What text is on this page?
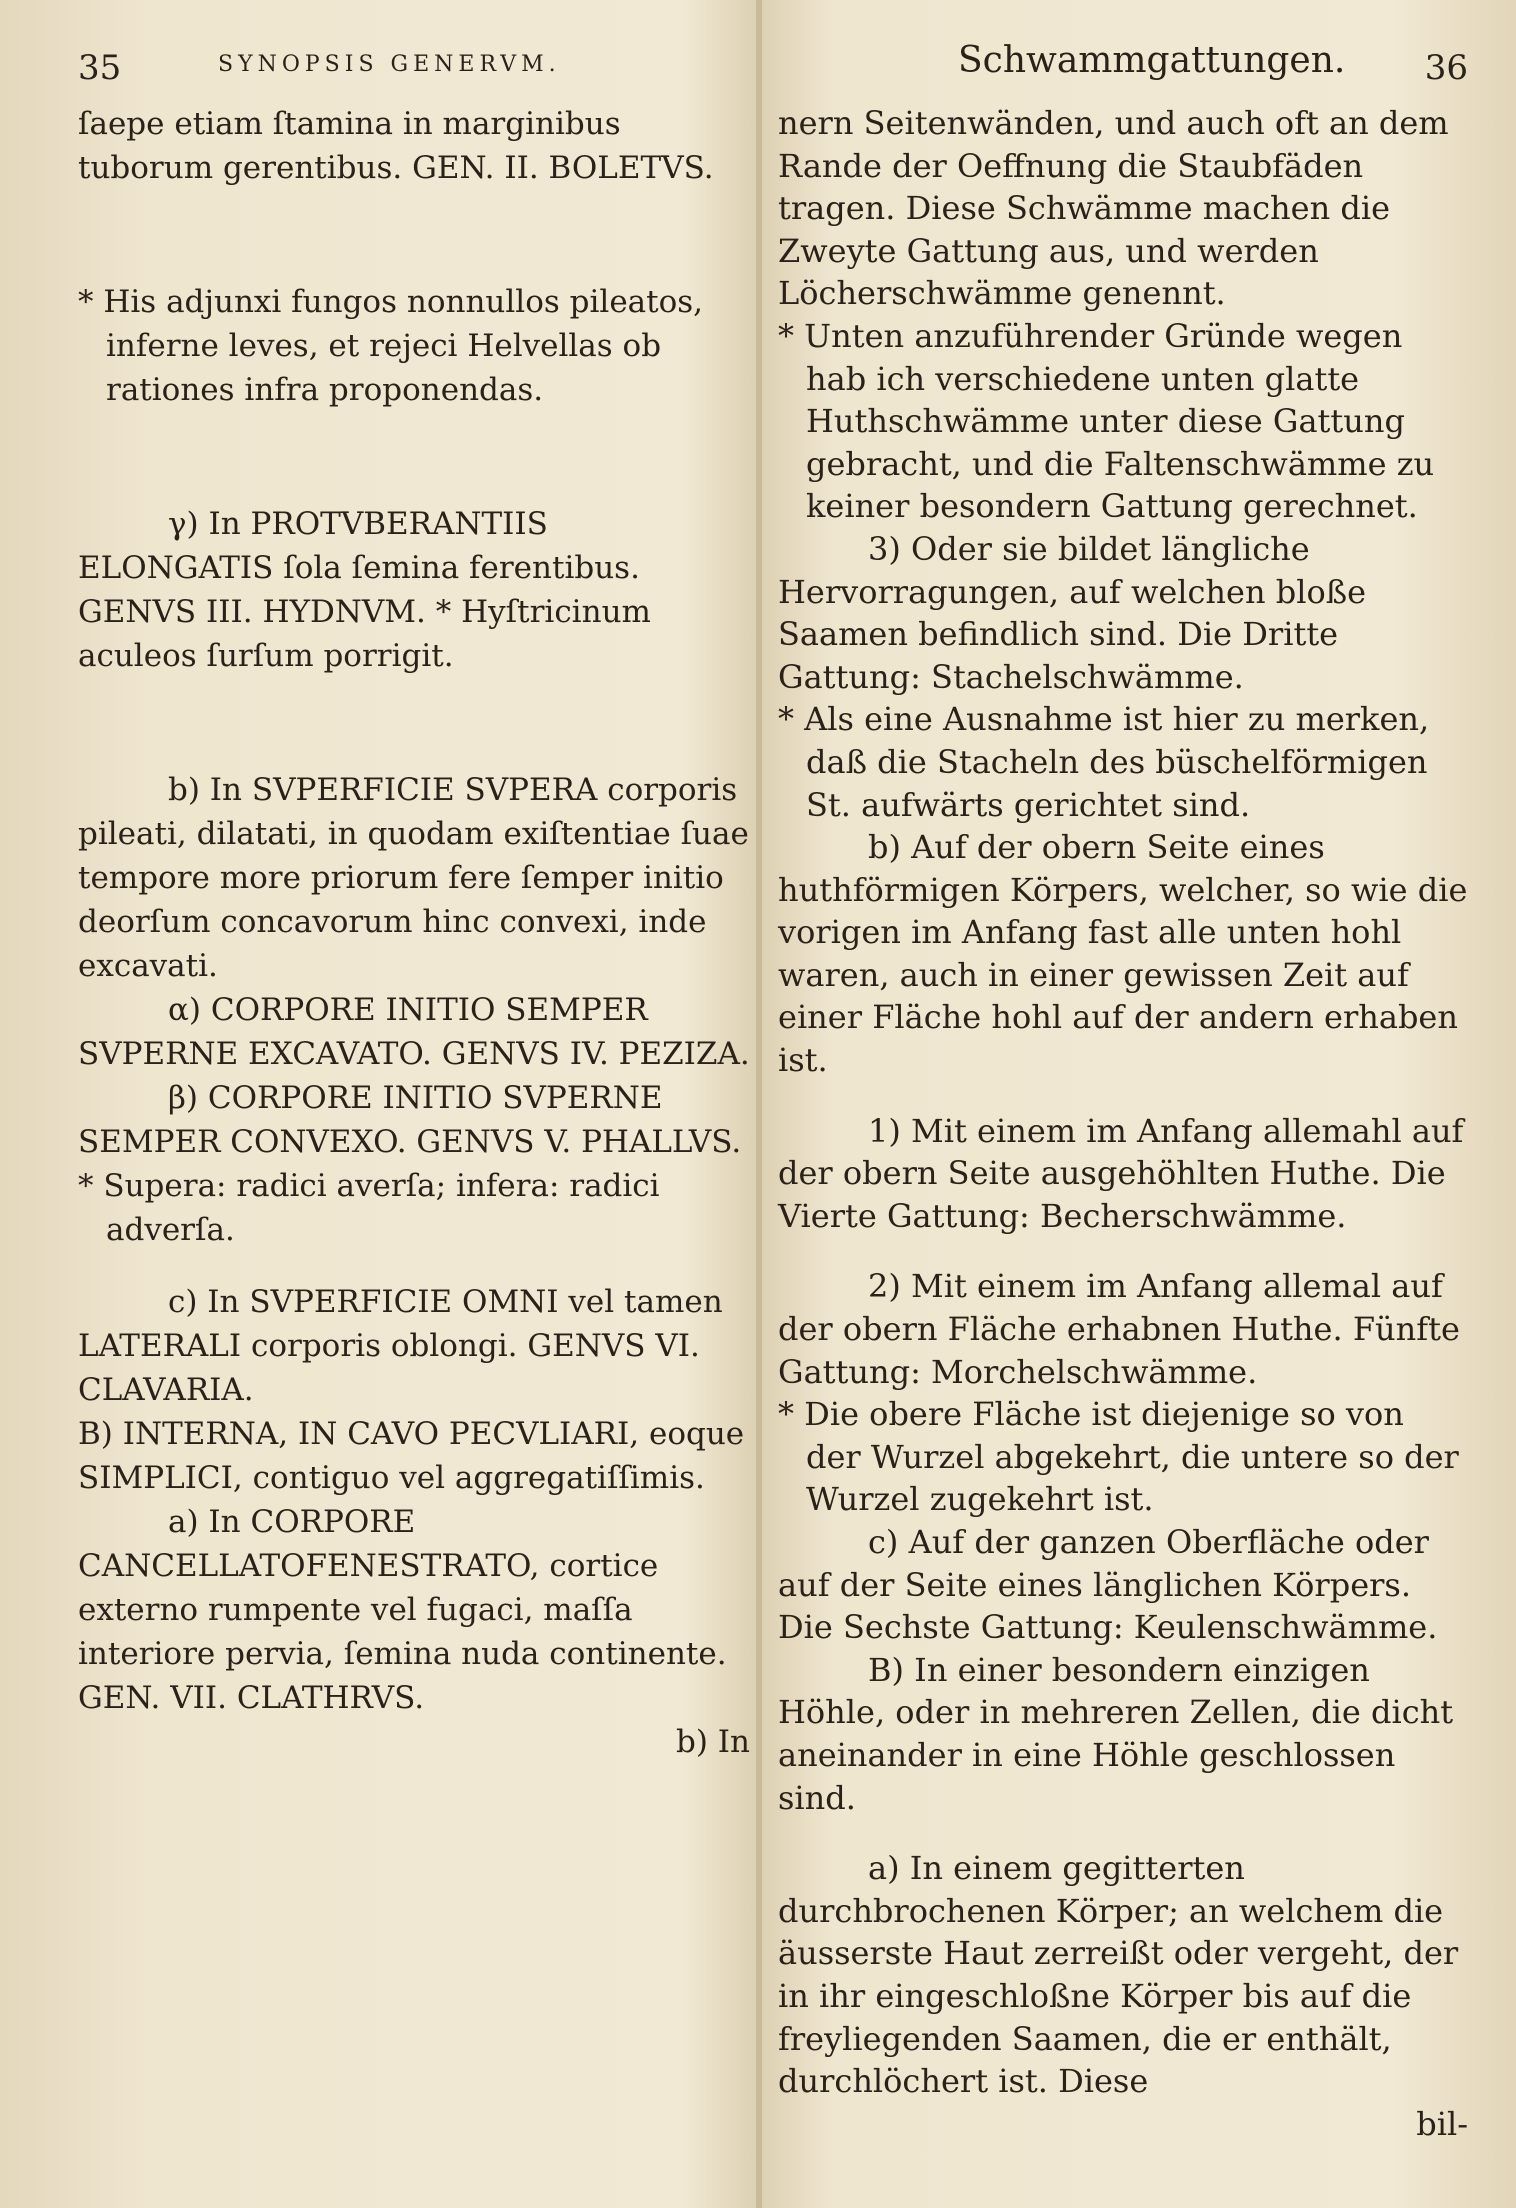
35	SYNOPSIS GENERVM.

ſaepe etiam ſtamina in marginibus tuborum gerentibus. GEN. II. BOLETVS.

* His adjunxi fungos nonnullos pileatos, inferne leves, et rejeci Helvellas ob rationes infra proponendas.

γ) In PROTVBERANTIIS ELONGATIS ſola ſemina ferentibus. GENVS III. HYDNVM. * Hyſtricinum aculeos ſurſum porrigit.

b) In SVPERFICIE SVPERA corporis pileati, dilatati, in quodam exiſtentiae ſuae tempore more priorum fere ſemper initio deorſum concavorum hinc convexi, inde excavati.

α) CORPORE INITIO SEMPER SVPERNE EXCAVATO. GENVS IV. PEZIZA.

β) CORPORE INITIO SVPERNE SEMPER CONVEXO. GENVS V. PHALLVS.

* Supera: radici averſa; infera: radici adverſa.

c) In SVPERFICIE OMNI vel tamen LATERALI corporis oblongi. GENVS VI. CLAVARIA.

B) INTERNA, IN CAVO PECVLIARI, eoque SIMPLICI, contiguo vel aggregatiſſimis.

a) In CORPORE CANCELLATOFENESTRATO, cortice externo rumpente vel fugaci, maſſa interiore pervia, ſemina nuda continente. GEN. VII. CLATHRVS.

b) In

Schwammgattungen. 36

nern Seitenwänden, und auch oft an dem Rande der Oeffnung die Staubfäden tragen. Diese Schwämme machen die Zweyte Gattung aus, und werden Löcherschwämme genennt.

* Unten anzuführender Gründe wegen hab ich verschiedene unten glatte Huthschwämme unter diese Gattung gebracht, und die Faltenschwämme zu keiner besondern Gattung gerechnet.

3) Oder sie bildet längliche Hervorragungen, auf welchen bloße Saamen befindlich sind. Die Dritte Gattung: Stachelschwämme.

* Als eine Ausnahme ist hier zu merken, daß die Stacheln des büschelförmigen St. aufwärts gerichtet sind.

b) Auf der obern Seite eines huthförmigen Körpers, welcher, so wie die vorigen im Anfang fast alle unten hohl waren, auch in einer gewissen Zeit auf einer Fläche hohl auf der andern erhaben ist.

1) Mit einem im Anfang allemahl auf der obern Seite ausgehöhlten Huthe. Die Vierte Gattung: Becherschwämme.

2) Mit einem im Anfang allemal auf der obern Fläche erhabnen Huthe. Fünfte Gattung: Morchelschwämme.

* Die obere Fläche ist diejenige so von der Wurzel abgekehrt, die untere so der Wurzel zugekehrt ist.

c) Auf der ganzen Oberfläche oder auf der Seite eines länglichen Körpers. Die Sechste Gattung: Keulenschwämme.

B) In einer besondern einzigen Höhle, oder in mehreren Zellen, die dicht aneinander in eine Höhle geschlossen sind.

a) In einem gegitterten durchbrochenen Körper; an welchem die äusserste Haut zerreißt oder vergeht, der in ihr eingeschloßne Körper bis auf die freyliegenden Saamen, die er enthält, durchlöchert ist. Diese

bil-
